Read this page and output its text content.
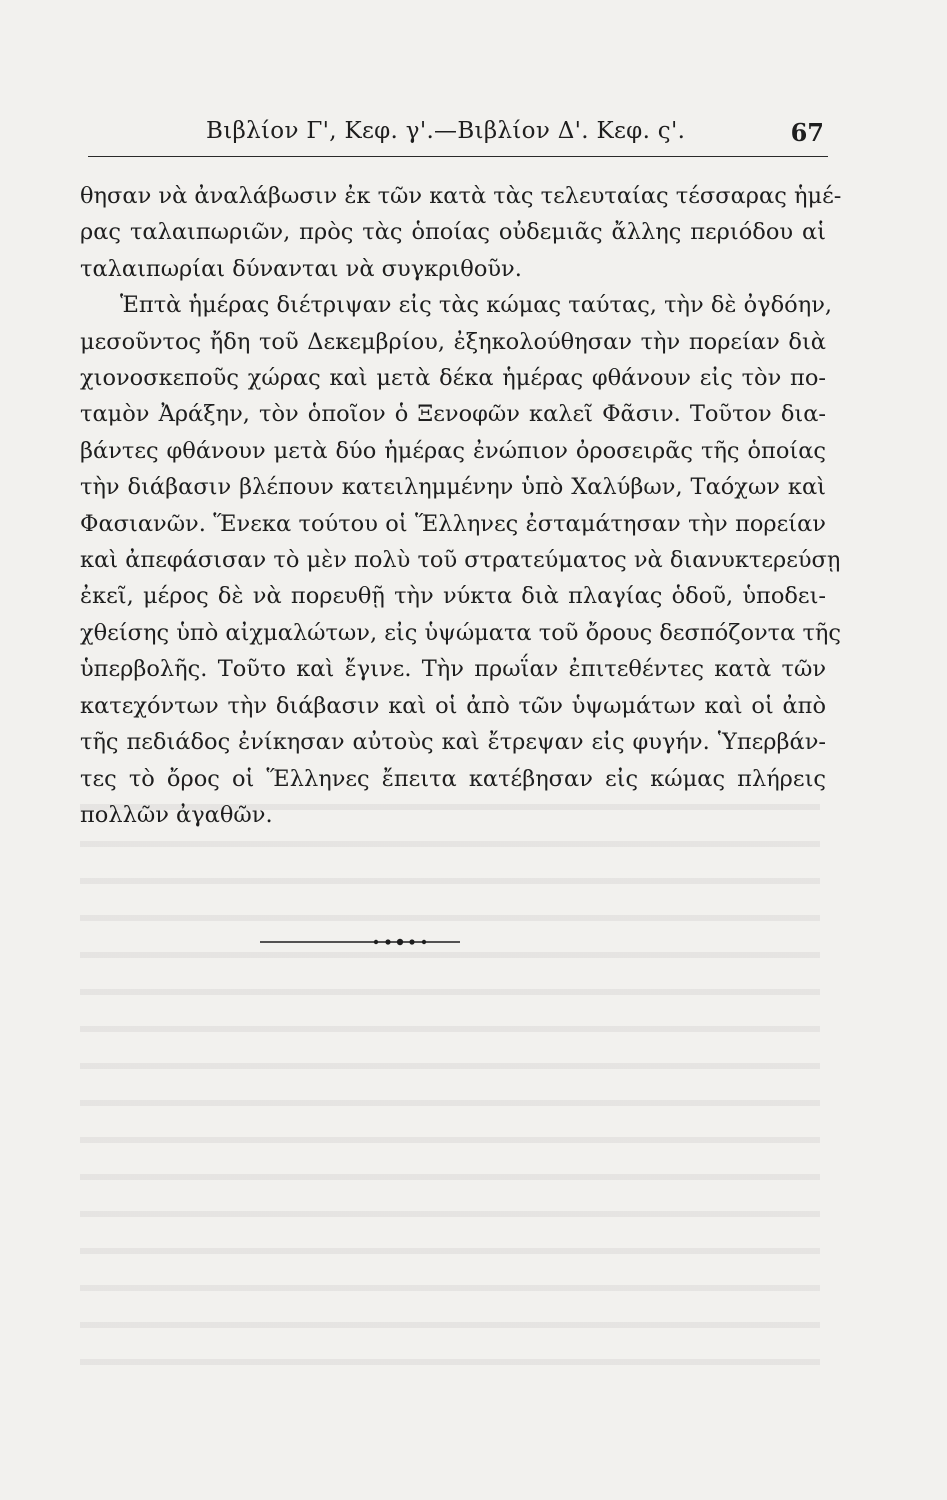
Βιβλίον Γ', Κεφ. γ'.—Βιβλίον Δ'. Κεφ. ς'.	67
θησαν νὰ ἀναλάβωσιν ἐκ τῶν κατὰ τὰς τελευταίας τέσσαρας ἡμέ-
ρας ταλαιπωριῶν, πρὸς τὰς ὁποίας οὐδεμιᾶς ἄλλης περιόδου αἱ
ταλαιπωρίαι δύνανται νὰ συγκριθοῦν.
Ἑπτὰ ἡμέρας διέτριψαν εἰς τὰς κώμας ταύτας, τὴν δὲ ὀγδόην,
μεσοῦντος ἤδη τοῦ Δεκεμβρίου, ἐξηκολούθησαν τὴν πορείαν διὰ
χιονοσκεποῦς χώρας καὶ μετὰ δέκα ἡμέρας φθάνουν εἰς τὸν πο-
ταμὸν Ἀράξην, τὸν ὁποῖον ὁ Ξενοφῶν καλεῖ Φᾶσιν. Τοῦτον δια-
βάντες φθάνουν μετὰ δύο ἡμέρας ἐνώπιον ὀροσειρᾶς τῆς ὁποίας
τὴν διάβασιν βλέπουν κατειλημμένην ὑπὸ Χαλύβων, Ταόχων καὶ
Φασιανῶν. Ἕνεκα τούτου οἱ Ἕλληνες ἐσταμάτησαν τὴν πορείαν
καὶ ἀπεφάσισαν τὸ μὲν πολὺ τοῦ στρατεύματος νὰ διανυκτερεύσῃ
ἐκεῖ, μέρος δὲ νὰ πορευθῇ τὴν νύκτα διὰ πλαγίας ὁδοῦ, ὑποδει-
χθείσης ὑπὸ αἰχμαλώτων, εἰς ὑψώματα τοῦ ὄρους δεσπόζοντα τῆς
ὑπερβολῆς. Τοῦτο καὶ ἔγινε. Τὴν πρωΐαν ἐπιτεθέντες κατὰ τῶν
κατεχόντων τὴν διάβασιν καὶ οἱ ἀπὸ τῶν ὑψωμάτων καὶ οἱ ἀπὸ
τῆς πεδιάδος ἐνίκησαν αὐτοὺς καὶ ἔτρεψαν εἰς φυγήν. Ὑπερβάν-
τες τὸ ὄρος οἱ Ἕλληνες ἔπειτα κατέβησαν εἰς κώμας πλήρεις
πολλῶν ἀγαθῶν.
